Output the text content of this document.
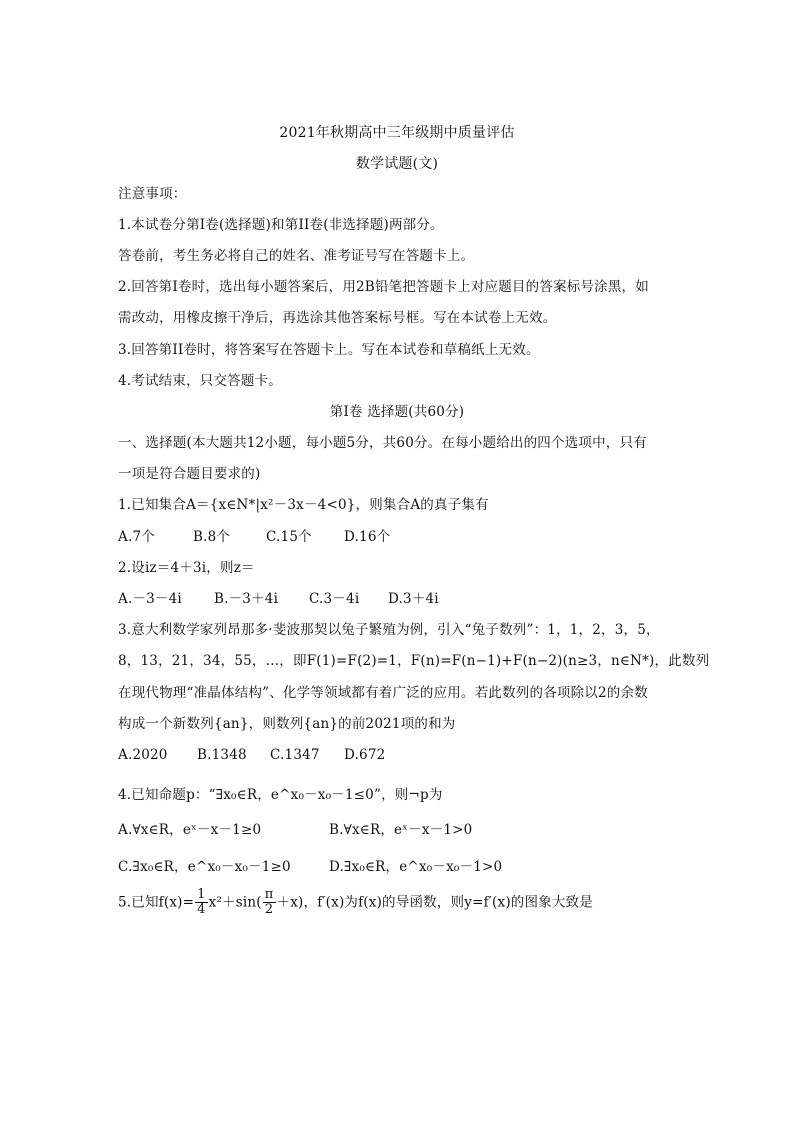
2021年秋期高中三年级期中质量评估
数学试题(文)
注意事项：
1.本试卷分第I卷(选择题)和第II卷(非选择题)两部分。
答卷前，考生务必将自己的姓名、准考证号写在答题卡上。
2.回答第I卷时，选出每小题答案后，用2B铅笔把答题卡上对应题目的答案标号涂黑，如
需改动，用橡皮擦干净后，再选涂其他答案标号框。写在本试卷上无效。
3.回答第II卷时，将答案写在答题卡上。写在本试卷和草稿纸上无效。
4.考试结束，只交答题卡。
第I卷 选择题(共60分)
一、选择题(本大题共12小题，每小题5分，共60分。在每小题给出的四个选项中，只有
一项是符合题目要求的)
1.已知集合A＝{x∈N*|x²－3x－4<0}，则集合A的真子集有
A.7个	B.8个	C.15个 D.16个
2.设iz＝4＋3i，则z＝
A.－3－4i B.－3＋4i C.3－4i D.3＋4i
3.意大利数学家列昂那多·斐波那契以兔子繁殖为例，引入“兔子数列”：1，1，2，3，5，
8，13，21，34，55，…，即F(1)=F(2)=1，F(n)=F(n−1)+F(n−2)(n≥3，n∈N*)，此数列
在现代物理“准晶体结构”、化学等领域都有着广泛的应用。若此数列的各项除以2的余数
构成一个新数列{an}，则数列{an}的前2021项的和为
A.2020 B.1348 C.1347 D.672
4.已知命题p：“∃x₀∈R，e^x₀－x₀－1≤0”，则¬p为
A.∀x∈R，eˣ－x－1≥0	B.∀x∈R，eˣ－x－1>0
C.∃x₀∈R，e^x₀－x₀－1≥0	D.∃x₀∈R，e^x₀－x₀－1>0
5.已知$f(x)= \frac{1}{4} x^2+\sin( \frac{\pi}{2} +x)$，f′(x)为f(x)的导函数，则y=f′(x)的图象大致是
